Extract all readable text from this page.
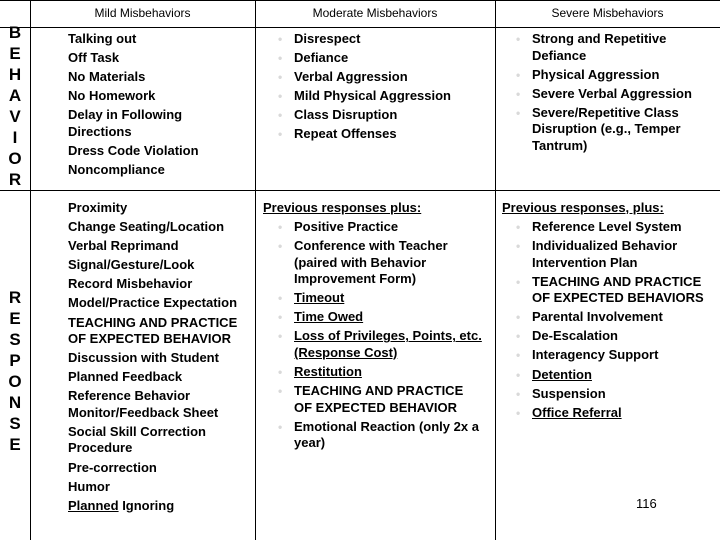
Mild Misbehaviors	Moderate Misbehaviors	Severe Misbehaviors
B
E
H
A
V
I
O
R
R
E
S
P
O
N
S
E
Talking out
Off Task
No Materials
No Homework
Delay in Following Directions
Dress Code Violation
Noncompliance
• Disrespect
• Defiance
• Verbal Aggression
• Mild Physical Aggression
• Class Disruption
• Repeat Offenses
• Strong and Repetitive Defiance
• Physical Aggression
• Severe Verbal Aggression
• Severe/Repetitive Class Disruption (e.g., Temper Tantrum)
Proximity
Change Seating/Location
Verbal Reprimand
Signal/Gesture/Look
Record Misbehavior
Model/Practice Expectation
TEACHING AND PRACTICE OF EXPECTED BEHAVIOR
Discussion with Student
Planned Feedback
Reference Behavior Monitor/Feedback Sheet
Social Skill Correction Procedure
Pre-correction
Humor
Planned Ignoring
Previous responses plus:
• Positive Practice
• Conference with Teacher (paired with Behavior Improvement Form)
• Timeout
• Time Owed
• Loss of Privileges, Points, etc. (Response Cost)
• Restitution
• TEACHING AND PRACTICE OF EXPECTED BEHAVIOR
• Emotional Reaction (only 2x a year)
Previous responses, plus:
• Reference Level System
• Individualized Behavior Intervention Plan
• TEACHING AND PRACTICE OF EXPECTED BEHAVIORS
• Parental Involvement
• De-Escalation
• Interagency Support
• Detention
• Suspension
• Office Referral
116
